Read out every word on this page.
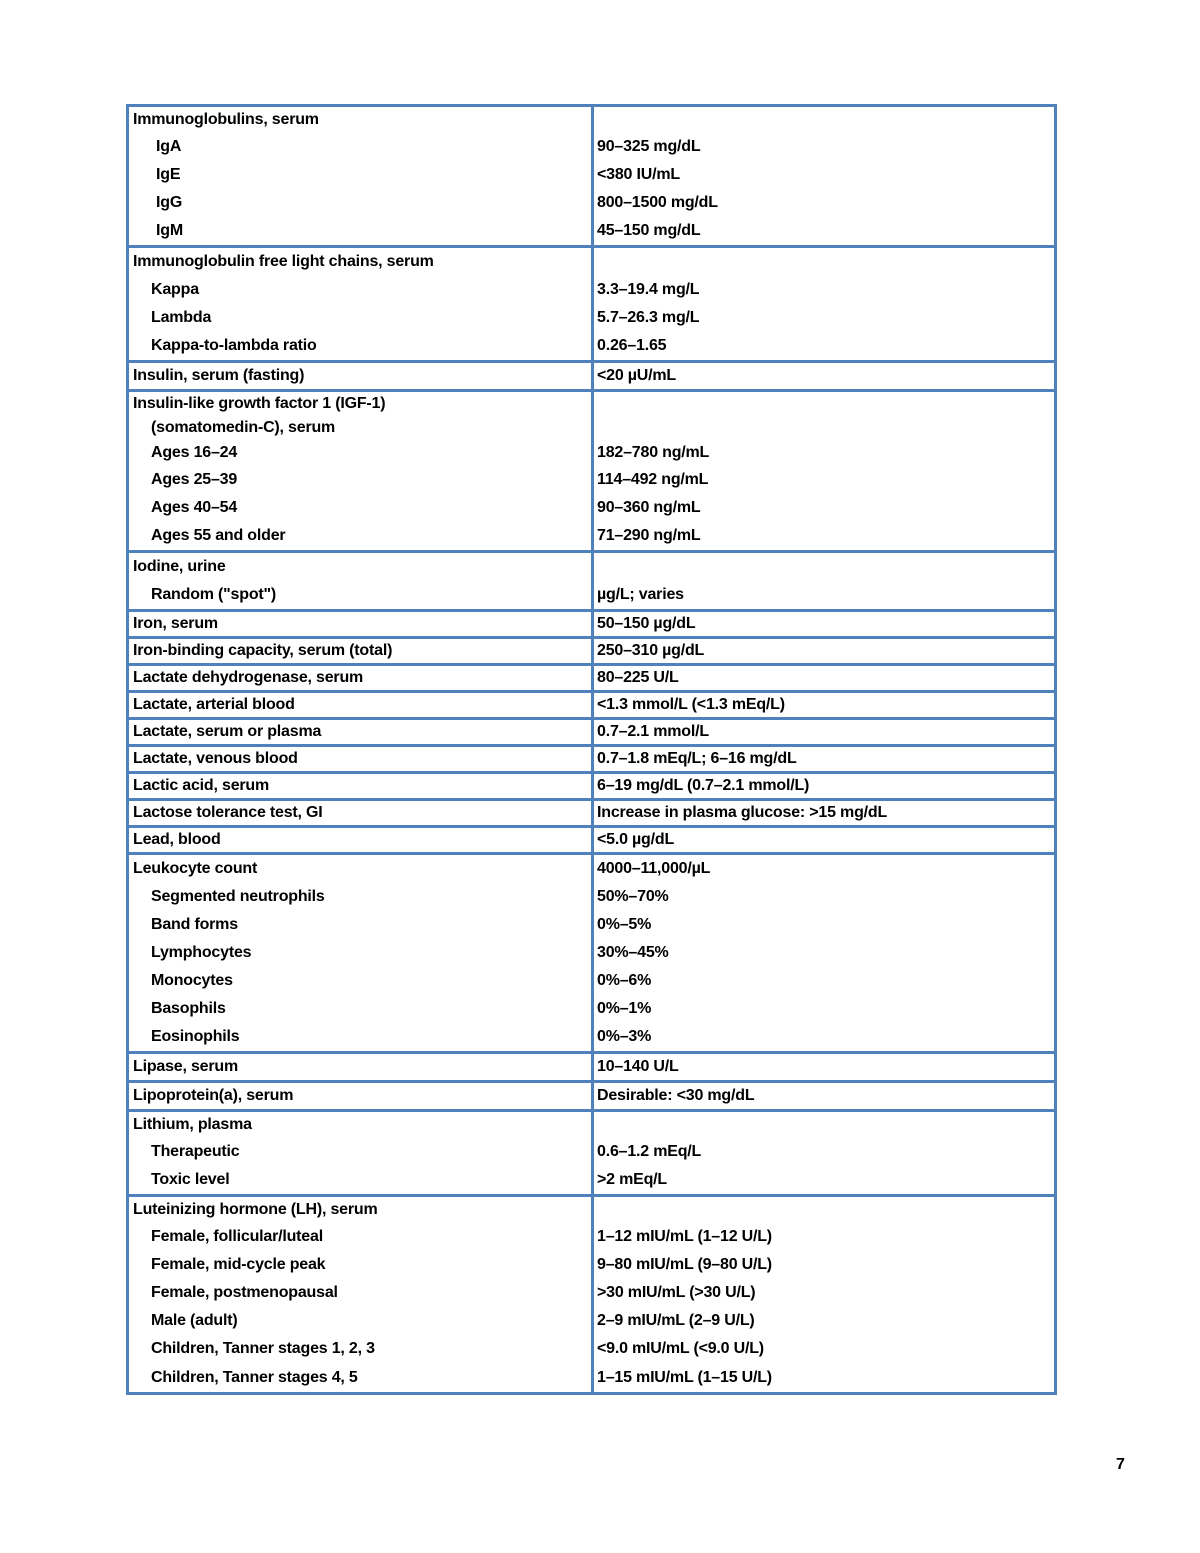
Immunoglobulins, serum
IgA	90–325 mg/dL
IgE	<380 IU/mL
IgG	800–1500 mg/dL
IgM	45–150 mg/dL
Immunoglobulin free light chains, serum
Kappa	3.3–19.4 mg/L
Lambda	5.7–26.3 mg/L
Kappa-to-lambda ratio	0.26–1.65
Insulin, serum (fasting)	<20 µU/mL
Insulin-like growth factor 1 (IGF-1)
(somatomedin-C), serum
Ages 16–24	182–780 ng/mL
Ages 25–39	114–492 ng/mL
Ages 40–54	90–360 ng/mL
Ages 55 and older	71–290 ng/mL
Iodine, urine
Random ("spot")	µg/L; varies
Iron, serum	50–150 µg/dL
Iron-binding capacity, serum (total)	250–310 µg/dL
Lactate dehydrogenase, serum	80–225 U/L
Lactate, arterial blood	<1.3 mmol/L (<1.3 mEq/L)
Lactate, serum or plasma	0.7–2.1 mmol/L
Lactate, venous blood	0.7–1.8 mEq/L; 6–16 mg/dL
Lactic acid, serum	6–19 mg/dL (0.7–2.1 mmol/L)
Lactose tolerance test, GI	Increase in plasma glucose: >15 mg/dL
Lead, blood	<5.0 µg/dL
Leukocyte count	4000–11,000/µL
Segmented neutrophils	50%–70%
Band forms	0%–5%
Lymphocytes	30%–45%
Monocytes	0%–6%
Basophils	0%–1%
Eosinophils	0%–3%
Lipase, serum	10–140 U/L
Lipoprotein(a), serum	Desirable: <30 mg/dL
Lithium, plasma
Therapeutic	0.6–1.2 mEq/L
Toxic level	>2 mEq/L
Luteinizing hormone (LH), serum
Female, follicular/luteal	1–12 mIU/mL (1–12 U/L)
Female, mid-cycle peak	9–80 mIU/mL (9–80 U/L)
Female, postmenopausal	>30 mIU/mL (>30 U/L)
Male (adult)	2–9 mIU/mL (2–9 U/L)
Children, Tanner stages 1, 2, 3	<9.0 mIU/mL (<9.0 U/L)
Children, Tanner stages 4, 5	1–15 mIU/mL (1–15 U/L)
7
